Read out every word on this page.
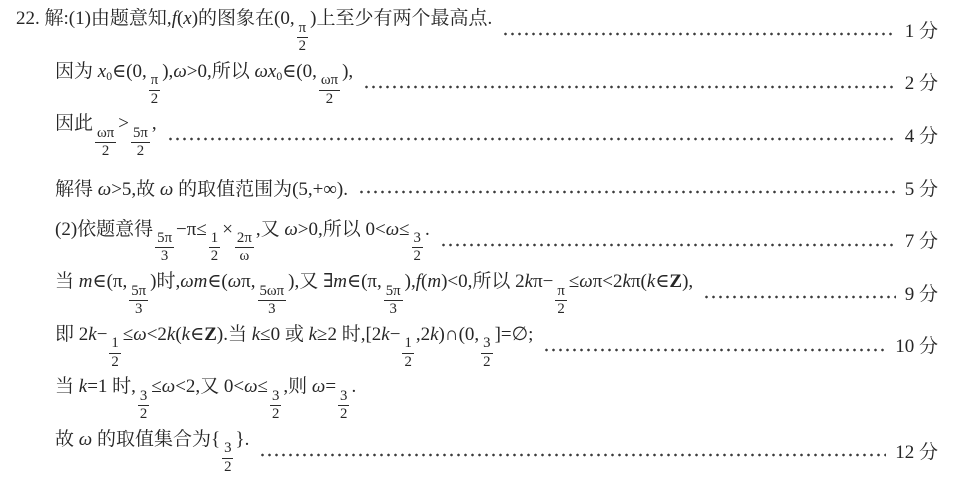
22. 解:(1)由题意知,f(x)的图象在(0,
$\frac{\pi}{2}$
)上至少有两个最高点.
1 分
因为 $x_0\in(0$,
$\frac{\pi}{2}$
),ω>0,所以 $\omega x_0\in(0$,
$\frac{\omega\pi}{2}$
),
2 分
因此
$\frac{\omega\pi}{2}$
>
$\frac{5\pi}{2}$
,
4 分
解得 ω>5,故 ω 的取值范围为(5,+∞).	5 分
(2)依题意得
$\frac{5\pi}{3}$
−π≤
$\frac{1}{2}$
×
$\frac{2\pi}{\omega}$
,又 ω>0,所以 0<ω≤
$\frac{3}{2}$
.
7 分
当 m∈(π,
$\frac{5\pi}{3}$
)时,ωm∈(ωπ,
$\frac{5\omega\pi}{3}$
),又 ∃m∈(π,
$\frac{5\pi}{3}$
),f(m)<0,所以 2kπ−
$\frac{\pi}{2}$
≤ωπ<2kπ(k∈Z),
9 分
即 2k−
$\frac{1}{2}$
≤ω<2k(k∈Z).当 k≤0 或 k≥2 时,[2k−
$\frac{1}{2}$
,2k)∩(0,
$\frac{3}{2}$
]=∅;
10 分
当 k=1 时,
$\frac{3}{2}$
≤ω<2,又 0<ω≤
$\frac{3}{2}$
,则 ω=
$\frac{3}{2}$
.
故 ω 的取值集合为{
$\frac{3}{2}$
}.
12 分
